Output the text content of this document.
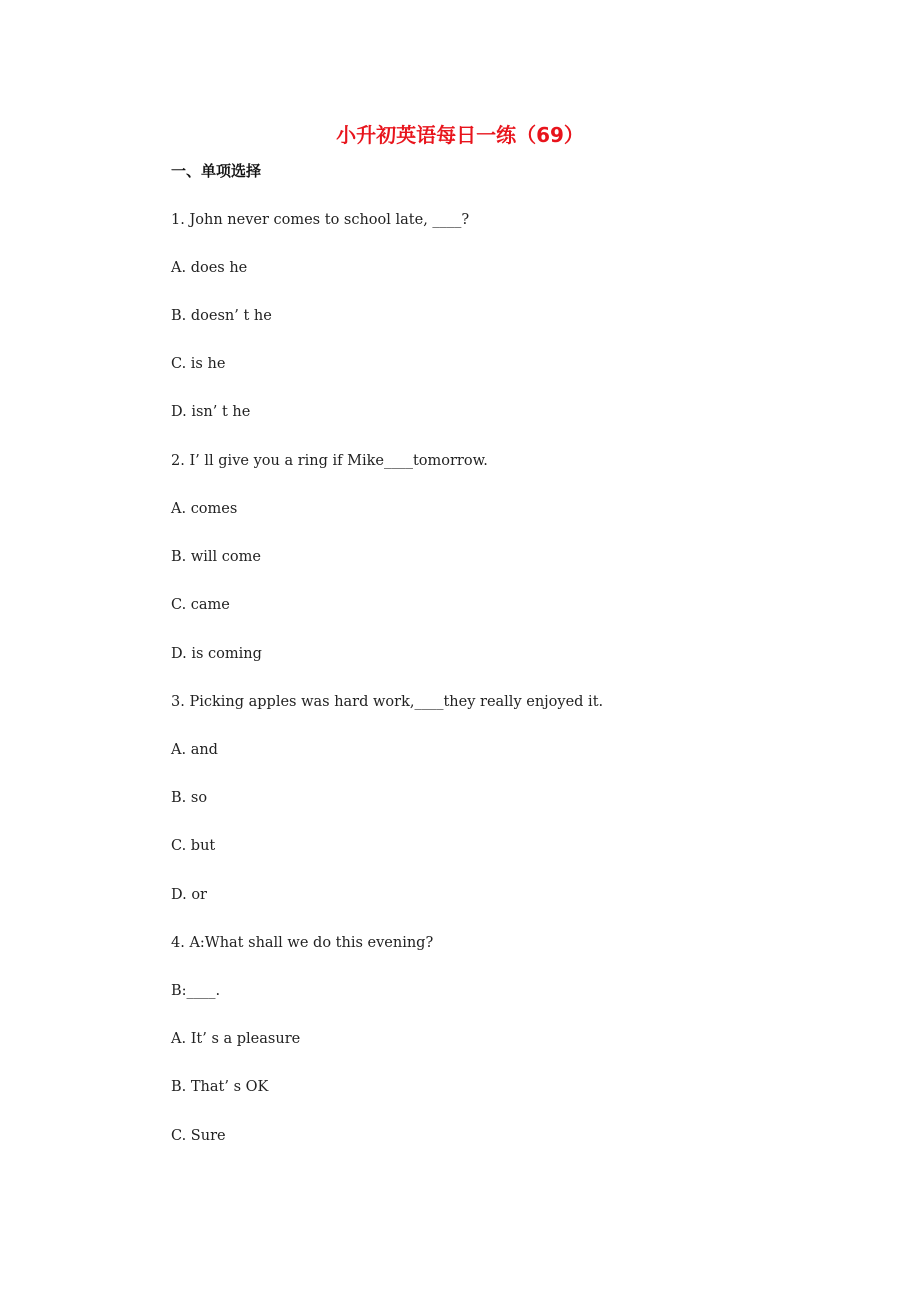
小升初英语每日一练（69）
一、单项选择
1. John never comes to school late, ____?
A. does he
B. doesn’ t he
C. is he
D. isn’ t he
2. I’ ll give you a ring if Mike____tomorrow.
A. comes
B. will come
C. came
D. is coming
3. Picking apples was hard work,____they really enjoyed it.
A. and
B. so
C. but
D. or
4. A:What shall we do this evening?
B:____.
A. It’ s a pleasure
B. That’ s OK
C. Sure
